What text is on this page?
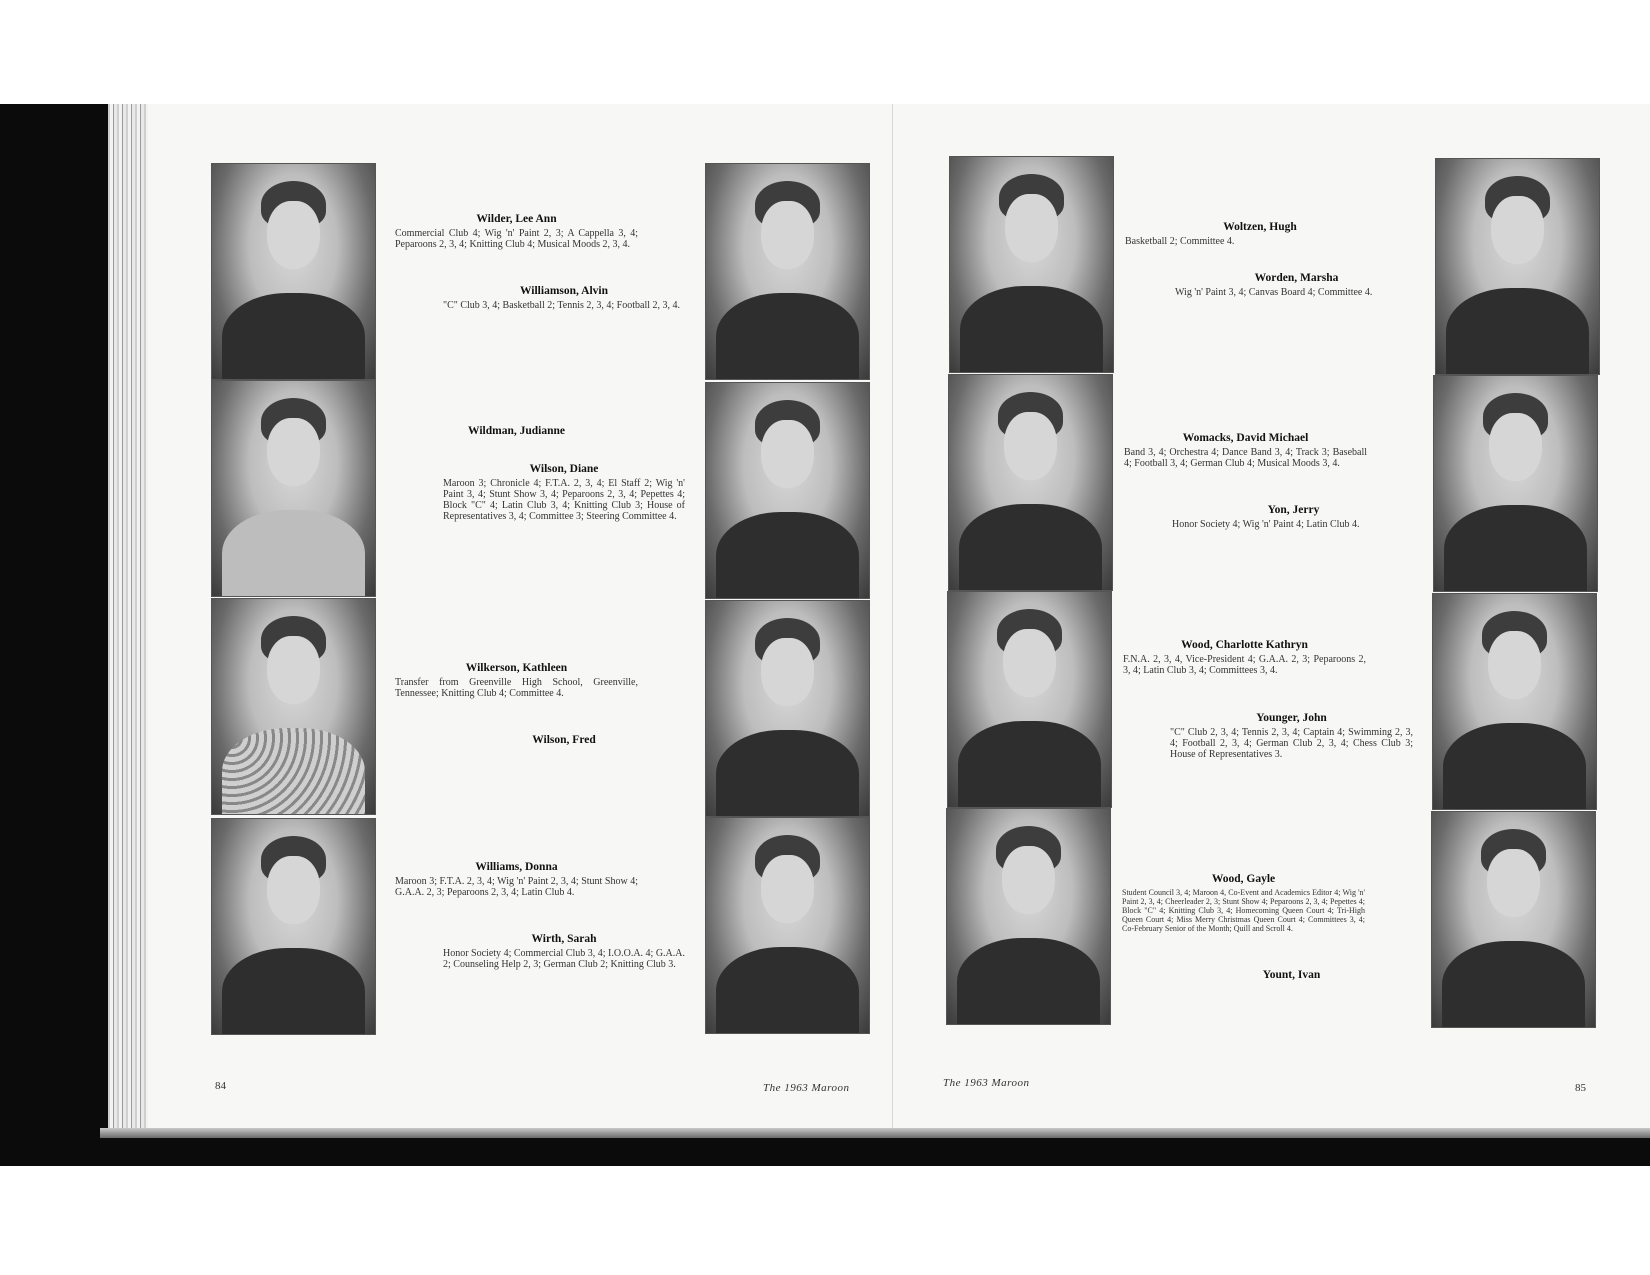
Wilder, Lee Ann
Commercial Club 4; Wig 'n' Paint 2, 3; A Cappella 3, 4; Peparoons 2, 3, 4; Knitting Club 4; Musical Moods 2, 3, 4.
Williamson, Alvin
"C" Club 3, 4; Basketball 2; Tennis 2, 3, 4; Football 2, 3, 4.
Wildman, Judianne
Wilson, Diane
Maroon 3; Chronicle 4; F.T.A. 2, 3, 4; El Staff 2; Wig 'n' Paint 3, 4; Stunt Show 3, 4; Peparoons 2, 3, 4; Pepettes 4; Block "C" 4; Latin Club 3, 4; Knitting Club 3; House of Representatives 3, 4; Committee 3; Steering Committee 4.
Wilkerson, Kathleen
Transfer from Greenville High School, Greenville, Tennessee; Knitting Club 4; Committee 4.
Wilson, Fred
Williams, Donna
Maroon 3; F.T.A. 2, 3, 4; Wig 'n' Paint 2, 3, 4; Stunt Show 4; G.A.A. 2, 3; Peparoons 2, 3, 4; Latin Club 4.
Wirth, Sarah
Honor Society 4; Commercial Club 3, 4; I.O.O.A. 4; G.A.A. 2; Counseling Help 2, 3; German Club 2; Knitting Club 3.
Woltzen, Hugh
Basketball 2; Committee 4.
Worden, Marsha
Wig 'n' Paint 3, 4; Canvas Board 4; Committee 4.
Womacks, David Michael
Band 3, 4; Orchestra 4; Dance Band 3, 4; Track 3; Baseball 4; Football 3, 4; German Club 4; Musical Moods 3, 4.
Yon, Jerry
Honor Society 4; Wig 'n' Paint 4; Latin Club 4.
Wood, Charlotte Kathryn
F.N.A. 2, 3, 4, Vice-President 4; G.A.A. 2, 3; Peparoons 2, 3, 4; Latin Club 3, 4; Committees 3, 4.
Younger, John
"C" Club 2, 3, 4; Tennis 2, 3, 4; Captain 4; Swimming 2, 3, 4; Football 2, 3, 4; German Club 2, 3, 4; Chess Club 3; House of Representatives 3.
Wood, Gayle
Student Council 3, 4; Maroon 4, Co-Event and Academics Editor 4; Wig 'n' Paint 2, 3, 4; Cheerleader 2, 3; Stunt Show 4; Peparoons 2, 3, 4; Pepettes 4; Block "C" 4; Knitting Club 3, 4; Homecoming Queen Court 4; Tri-High Queen Court 4; Miss Merry Christmas Queen Court 4; Committees 3, 4; Co-February Senior of the Month; Quill and Scroll 4.
Yount, Ivan
84	The 1963 Maroon	The 1963 Maroon	85
